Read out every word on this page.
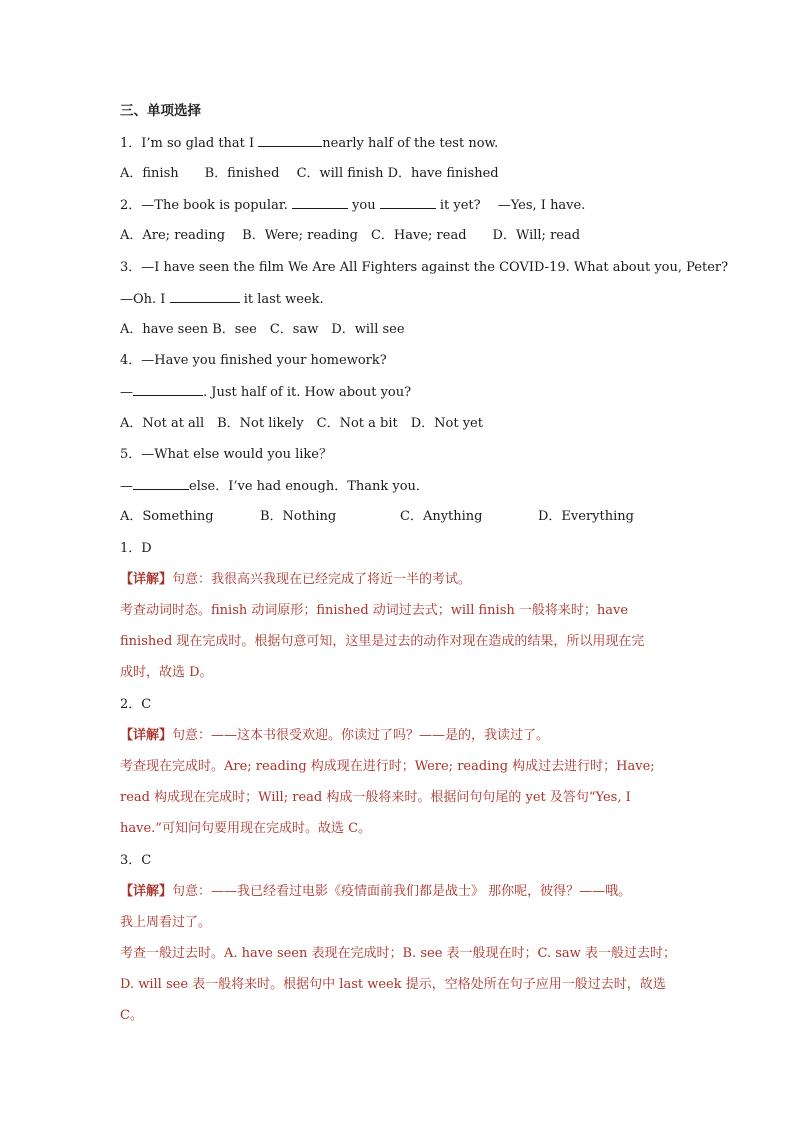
三、单项选择
1．I’m so glad that I	nearly half of the test now.
A．finish　　B．finished　 C．will finish D．have finished
2．—The book is popular.	you	it yet?　 —Yes, I have.
A．Are; reading　 B．Were; reading　C．Have; read　　D．Will; read
3．—I have seen the film We Are All Fighters against the COVID-19. What about you, Peter?
—Oh. I	it last week.
A．have seen B．see　C．saw　D．will see
4．—Have you finished your homework?
—	. Just half of it. How about you?
A．Not at all　B．Not likely　C．Not a bit　D．Not yet
5．—What else would you like？
—	else．I’ve had enough．Thank you．
A．Something	B．Nothing	C．Anything	D．Everything
1．D
【详解】句意：我很高兴我现在已经完成了将近一半的考试。
考查动词时态。finish 动词原形；finished 动词过去式；will finish 一般将来时；have
finished 现在完成时。根据句意可知，这里是过去的动作对现在造成的结果，所以用现在完
成时，故选 D。
2．C
【详解】句意：——这本书很受欢迎。你读过了吗？——是的，我读过了。
考查现在完成时。Are; reading 构成现在进行时；Were; reading 构成过去进行时；Have;
read 构成现在完成时；Will; read 构成一般将来时。根据问句句尾的 yet 及答句“Yes, I
have.”可知问句要用现在完成时。故选 C。
3．C
【详解】句意：——我已经看过电影《疫情面前我们都是战士》 那你呢，彼得？——哦。
我上周看过了。
考查一般过去时。A. have seen 表现在完成时；B. see 表一般现在时；C. saw 表一般过去时；
D. will see 表一般将来时。根据句中 last week 提示，空格处所在句子应用一般过去时，故选
C。
